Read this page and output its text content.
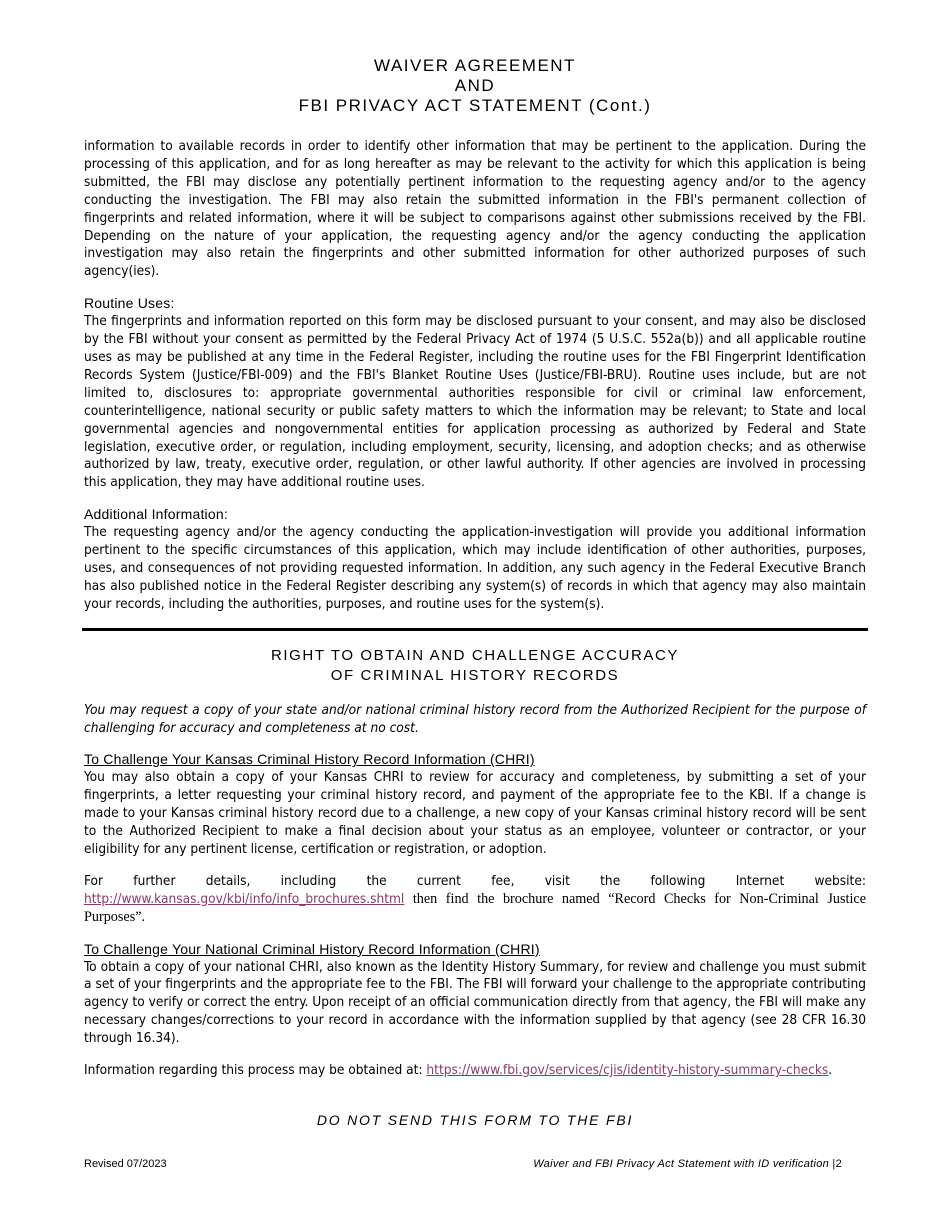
WAIVER AGREEMENT

AND

FBI PRIVACY ACT STATEMENT (Cont.)

information to available records in order to identify other information that may be pertinent to the application. During the processing of this application, and for as long hereafter as may be relevant to the activity for which this application is being submitted, the FBI may disclose any potentially pertinent information to the requesting agency and/or to the agency conducting the investigation. The FBI may also retain the submitted information in the FBI's permanent collection of fingerprints and related information, where it will be subject to comparisons against other submissions received by the FBI. Depending on the nature of your application, the requesting agency and/or the agency conducting the application investigation may also retain the fingerprints and other submitted information for other authorized purposes of such agency(ies).

Routine Uses:

The fingerprints and information reported on this form may be disclosed pursuant to your consent, and may also be disclosed by the FBI without your consent as permitted by the Federal Privacy Act of 1974 (5 U.S.C. 552a(b)) and all applicable routine uses as may be published at any time in the Federal Register, including the routine uses for the FBI Fingerprint Identification Records System (Justice/FBI-009) and the FBI's Blanket Routine Uses (Justice/FBI-BRU). Routine uses include, but are not limited to, disclosures to: appropriate governmental authorities responsible for civil or criminal law enforcement, counterintelligence, national security or public safety matters to which the information may be relevant; to State and local governmental agencies and nongovernmental entities for application processing as authorized by Federal and State legislation, executive order, or regulation, including employment, security, licensing, and adoption checks; and as otherwise authorized by law, treaty, executive order, regulation, or other lawful authority. If other agencies are involved in processing this application, they may have additional routine uses.

Additional Information:

The requesting agency and/or the agency conducting the application-investigation will provide you additional information pertinent to the specific circumstances of this application, which may include identification of other authorities, purposes, uses, and consequences of not providing requested information. In addition, any such agency in the Federal Executive Branch has also published notice in the Federal Register describing any system(s) of records in which that agency may also maintain your records, including the authorities, purposes, and routine uses for the system(s).

RIGHT TO OBTAIN AND CHALLENGE ACCURACY

OF CRIMINAL HISTORY RECORDS

You may request a copy of your state and/or national criminal history record from the Authorized Recipient for the purpose of challenging for accuracy and completeness at no cost.

To Challenge Your Kansas Criminal History Record Information (CHRI)

You may also obtain a copy of your Kansas CHRI to review for accuracy and completeness, by submitting a set of your fingerprints, a letter requesting your criminal history record, and payment of the appropriate fee to the KBI. If a change is made to your Kansas criminal history record due to a challenge, a new copy of your Kansas criminal history record will be sent to the Authorized Recipient to make a final decision about your status as an employee, volunteer or contractor, or your eligibility for any pertinent license, certification or registration, or adoption.

For further details, including the current fee, visit the following Internet website: http://www.kansas.gov/kbi/info/info_brochures.shtml then find the brochure named “Record Checks for Non-Criminal Justice Purposes”.

To Challenge Your National Criminal History Record Information (CHRI)

To obtain a copy of your national CHRI, also known as the Identity History Summary, for review and challenge you must submit a set of your fingerprints and the appropriate fee to the FBI. The FBI will forward your challenge to the appropriate contributing agency to verify or correct the entry. Upon receipt of an official communication directly from that agency, the FBI will make any necessary changes/corrections to your record in accordance with the information supplied by that agency (see 28 CFR 16.30 through 16.34).

Information regarding this process may be obtained at: https://www.fbi.gov/services/cjis/identity-history-summary-checks.

DO NOT SEND THIS FORM TO THE FBI

Revised 07/2023	Waiver and FBI Privacy Act Statement with ID verification |2
